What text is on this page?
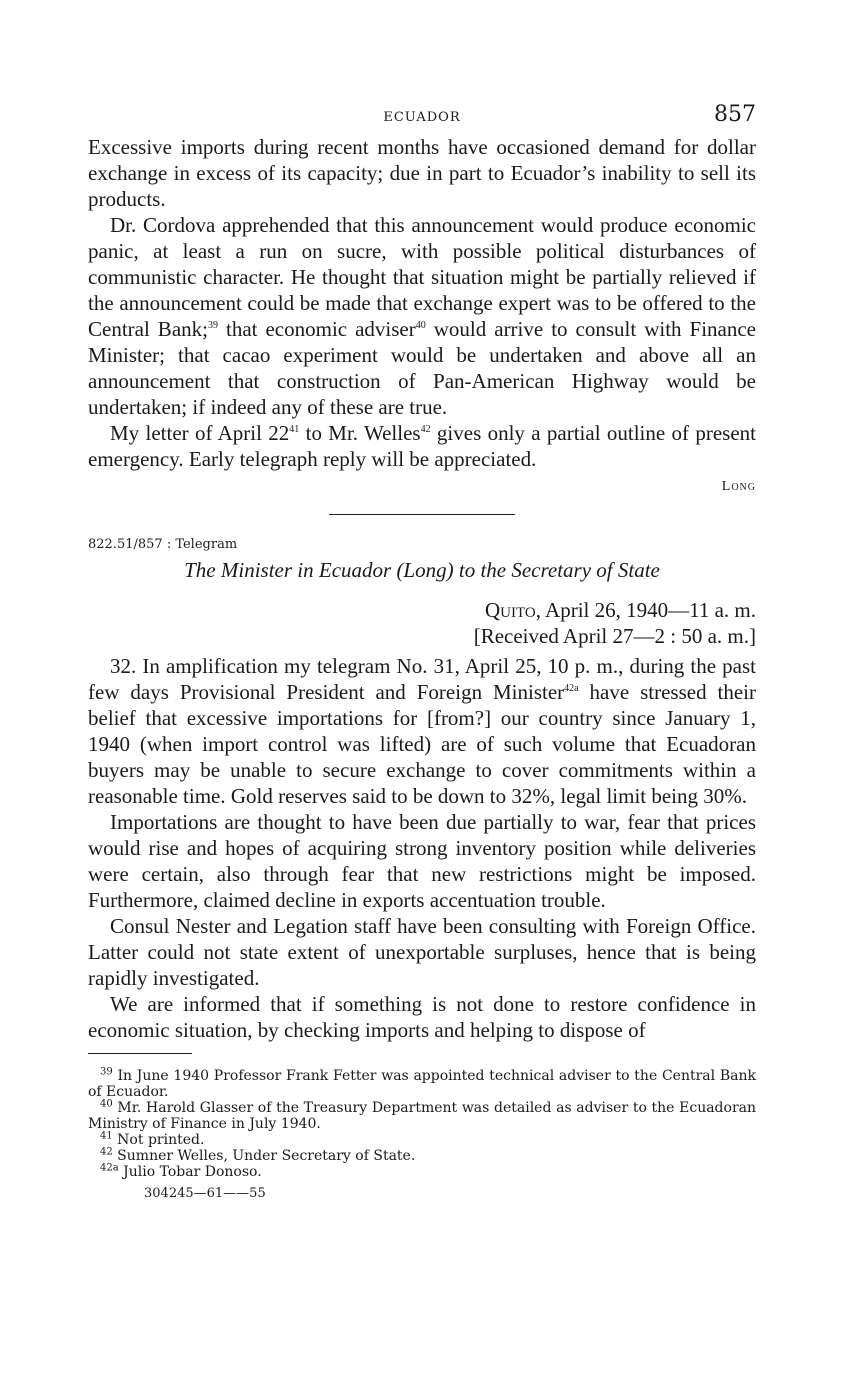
ECUADOR	857

Excessive imports during recent months have occasioned demand for dollar exchange in excess of its capacity; due in part to Ecuador’s inability to sell its products.

Dr. Cordova apprehended that this announcement would produce economic panic, at least a run on sucre, with possible political disturbances of communistic character. He thought that situation might be partially relieved if the announcement could be made that exchange expert was to be offered to the Central Bank;$^{39}$ that economic adviser$^{40}$ would arrive to consult with Finance Minister; that cacao experiment would be undertaken and above all an announcement that construction of Pan-American Highway would be undertaken; if indeed any of these are true.

My letter of April $22^{41}$ to Mr. Welles$^{42}$ gives only a partial outline of present emergency. Early telegraph reply will be appreciated.

Long
822.51/857 : Telegram
The Minister in Ecuador (Long) to the Secretary of State
Quito, April 26, 1940—11 a. m.
[Received April 27—2 : 50 a. m.]

32. In amplification my telegram No. 31, April 25, 10 p. m., during the past few days Provisional President and Foreign Minister$^{42a}$ have stressed their belief that excessive importations for [from?] our country since January 1, 1940 (when import control was lifted) are of such volume that Ecuadoran buyers may be unable to secure exchange to cover commitments within a reasonable time. Gold reserves said to be down to 32%, legal limit being 30%.

Importations are thought to have been due partially to war, fear that prices would rise and hopes of acquiring strong inventory position while deliveries were certain, also through fear that new restrictions might be imposed. Furthermore, claimed decline in exports accentuation trouble.

Consul Nester and Legation staff have been consulting with Foreign Office. Latter could not state extent of unexportable surpluses, hence that is being rapidly investigated.

We are informed that if something is not done to restore confidence in economic situation, by checking imports and helping to dispose of

$^{39}$ In June 1940 Professor Frank Fetter was appointed technical adviser to the Central Bank of Ecuador.

$^{40}$ Mr. Harold Glasser of the Treasury Department was detailed as adviser to the Ecuadoran Ministry of Finance in July 1940.

$^{41}$ Not printed.

$^{42}$ Sumner Welles, Under Secretary of State.

$^{42a}$ Julio Tobar Donoso.

304245—61——55
